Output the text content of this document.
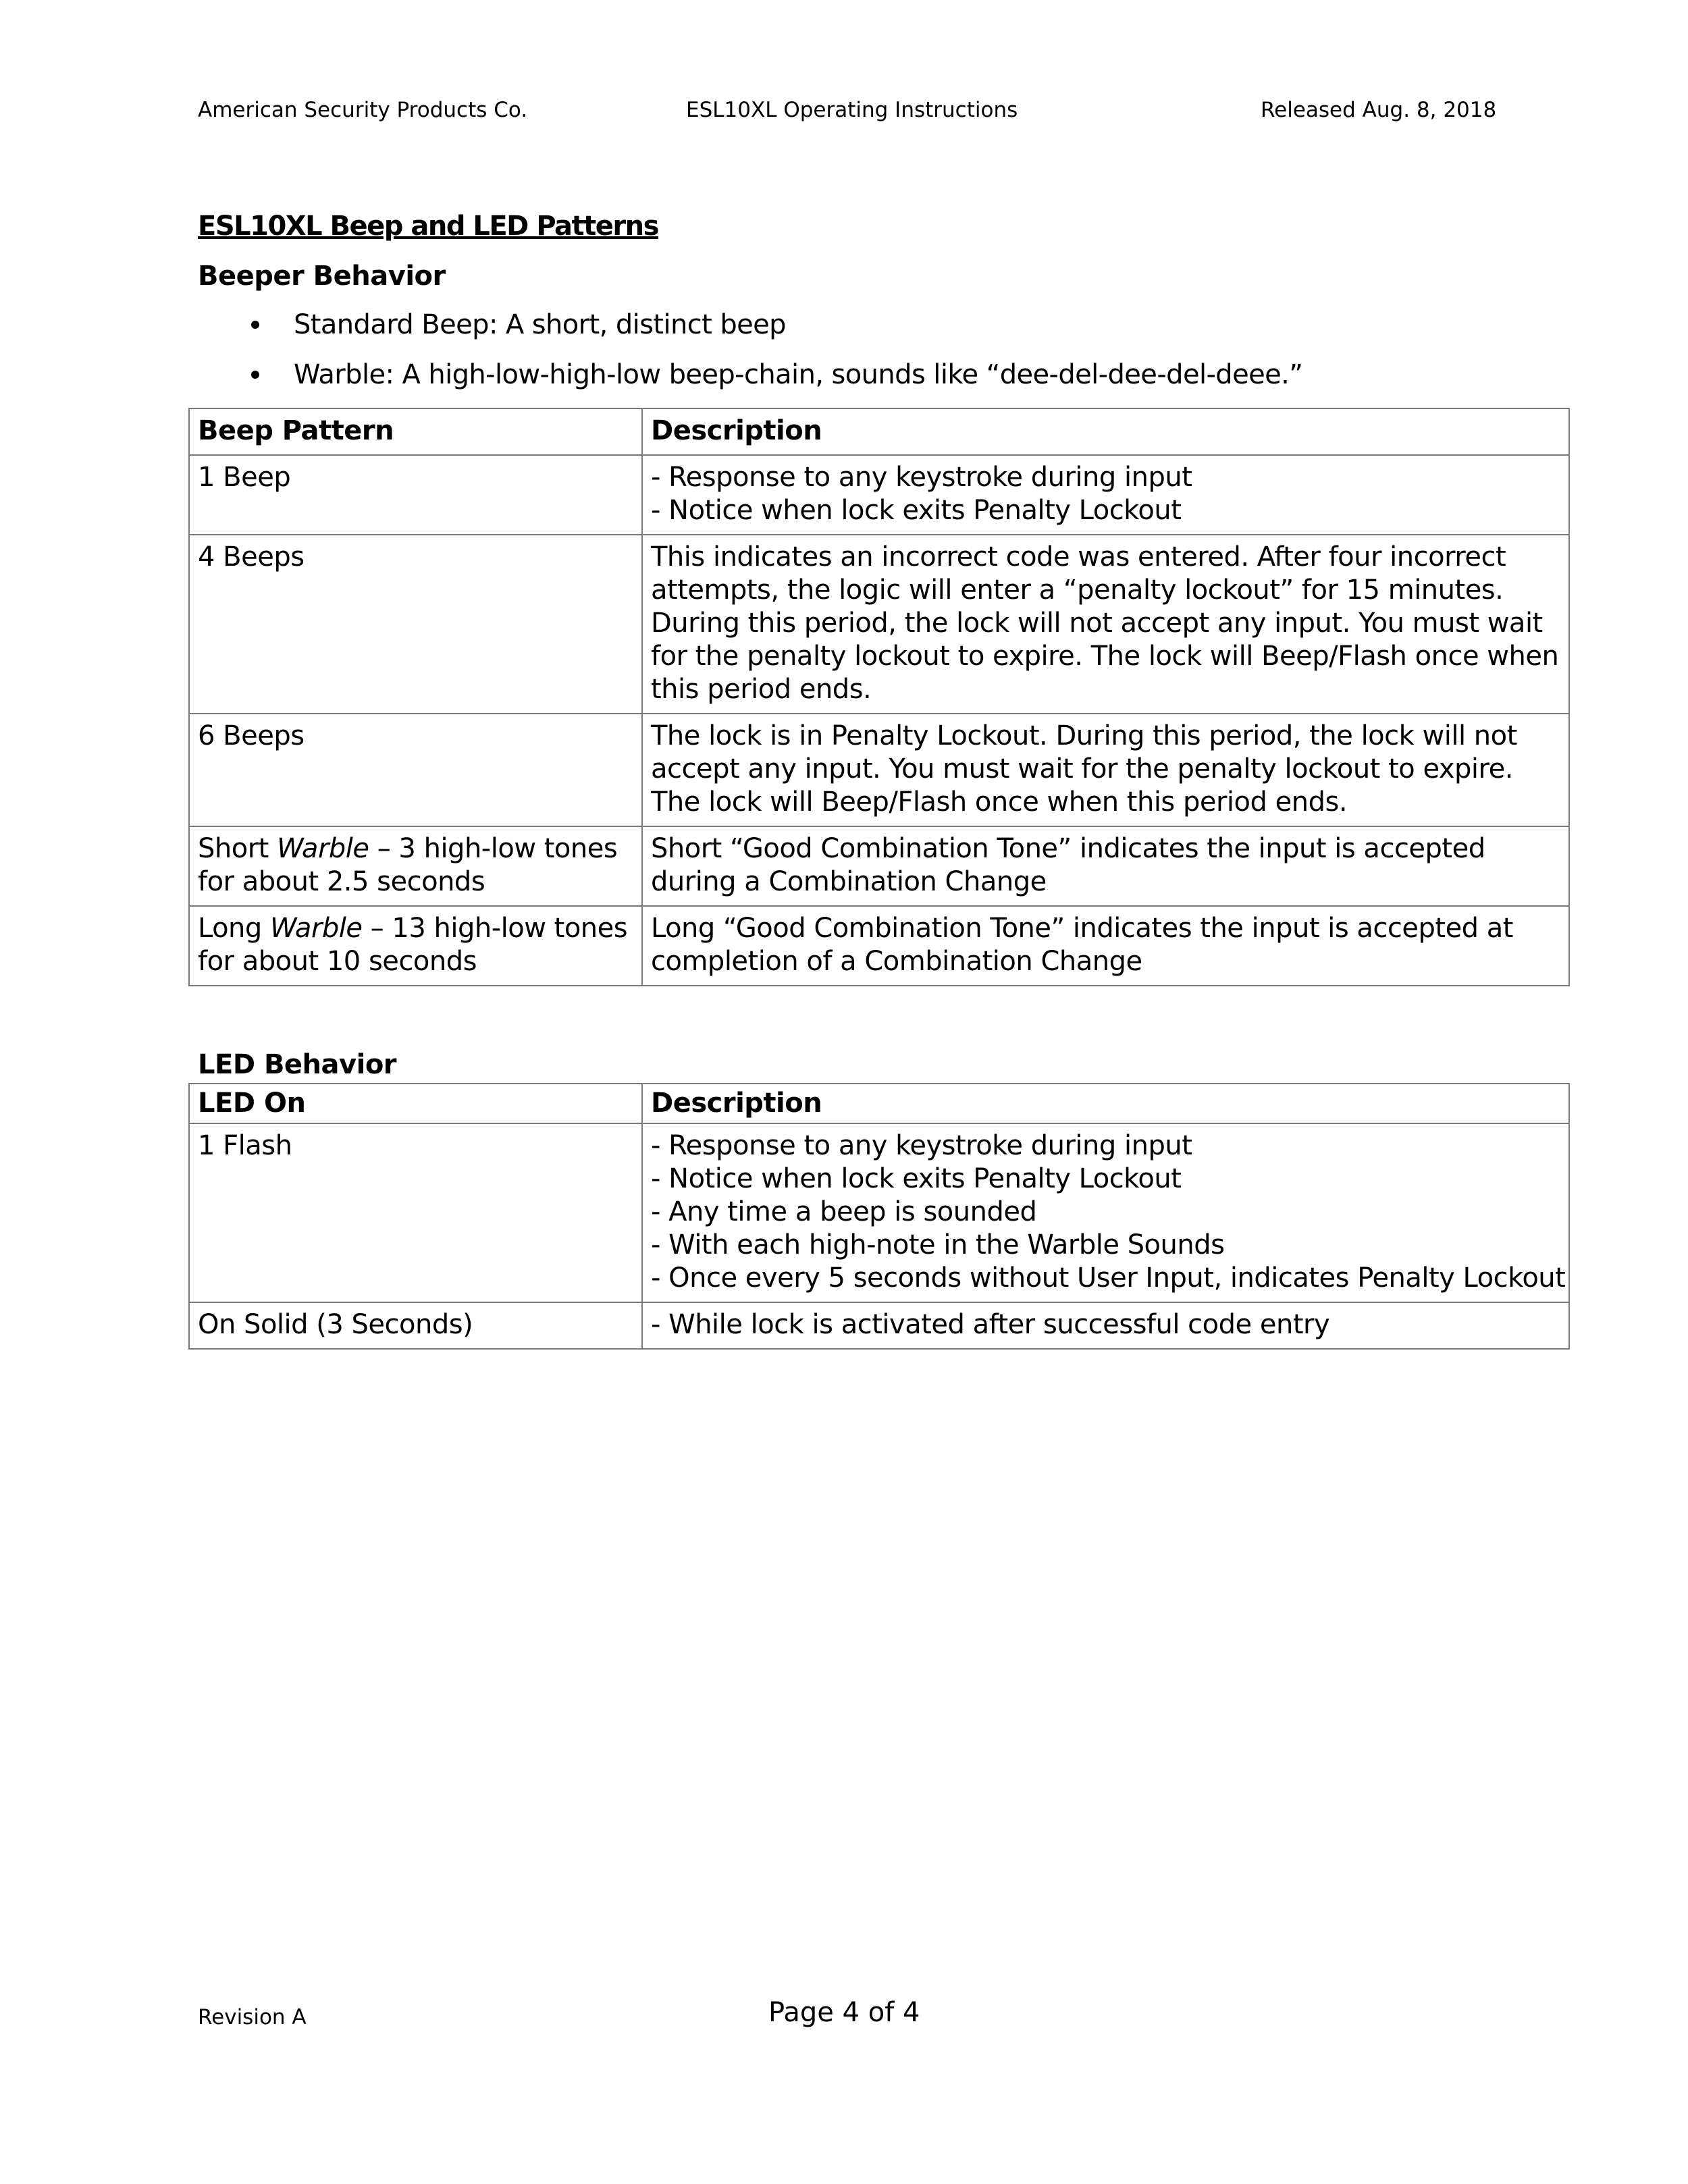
American Security Products Co.	ESL10XL Operating Instructions	Released Aug. 8, 2018
ESL10XL Beep and LED Patterns
Beeper Behavior
Standard Beep: A short, distinct beep
Warble: A high-low-high-low beep-chain, sounds like “dee-del-dee-del-deee.”
Beep Pattern	Description
1 Beep	- Response to any keystroke during input
- Notice when lock exits Penalty Lockout

4 Beeps	This indicates an incorrect code was entered. After four incorrect attempts, the logic will enter a “penalty lockout” for 15 minutes. During this period, the lock will not accept any input. You must wait for the penalty lockout to expire. The lock will Beep/Flash once when this period ends.
6 Beeps	The lock is in Penalty Lockout. During this period, the lock will not accept any input. You must wait for the penalty lockout to expire. The lock will Beep/Flash once when this period ends.
Short Warble – 3 high-low tones for about 2.5 seconds	Short “Good Combination Tone” indicates the input is accepted during a Combination Change
Long Warble – 13 high-low tones for about 10 seconds	Long “Good Combination Tone” indicates the input is accepted at completion of a Combination Change
LED Behavior
LED On	Description
1 Flash	- Response to any keystroke during input
- Notice when lock exits Penalty Lockout
- Any time a beep is sounded
- With each high-note in the Warble Sounds
- Once every 5 seconds without User Input, indicates Penalty Lockout

On Solid (3 Seconds)	- While lock is activated after successful code entry
Revision A	Page 4 of 4
